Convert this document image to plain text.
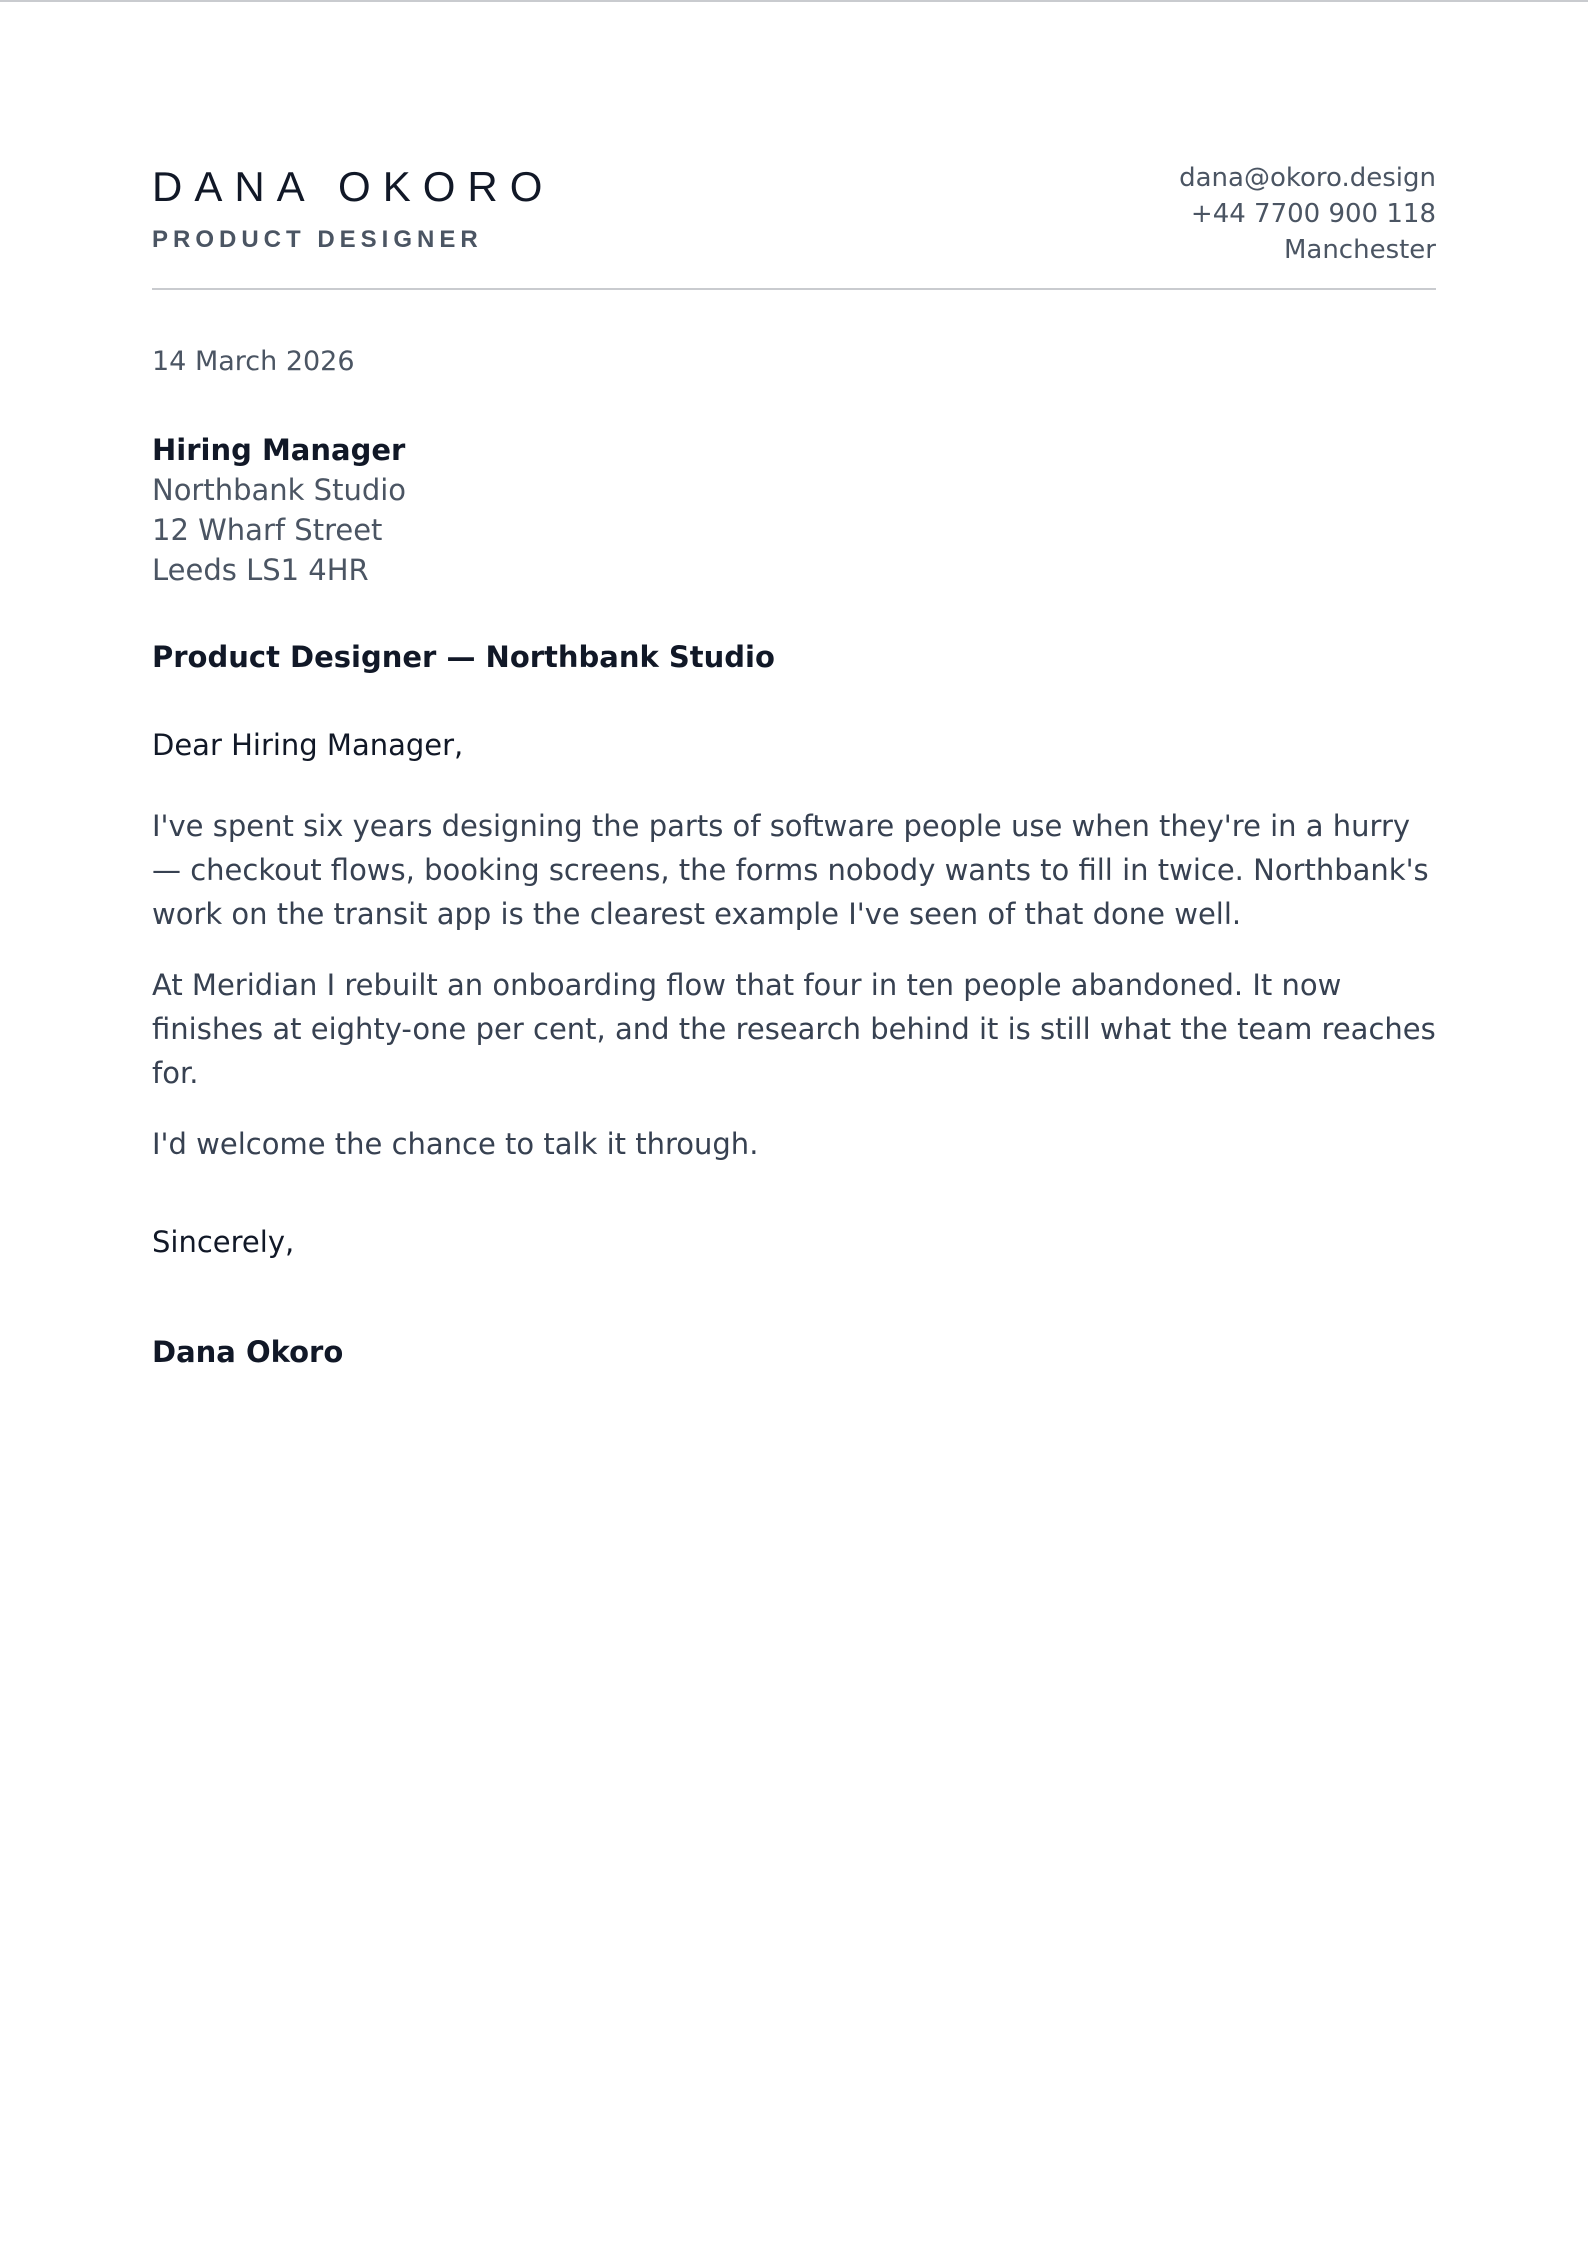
DANA OKORO
PRODUCT DESIGNER
dana@okoro.design
+44 7700 900 118
Manchester
14 March 2026
Hiring Manager
Northbank Studio
12 Wharf Street
Leeds LS1 4HR
Product Designer — Northbank Studio
Dear Hiring Manager,

I've spent six years designing the parts of software people use when they're in a hurry — checkout flows, booking screens, the forms nobody wants to fill in twice. Northbank's work on the transit app is the clearest example I've seen of that done well.

At Meridian I rebuilt an onboarding flow that four in ten people abandoned. It now finishes at eighty-one per cent, and the research behind it is still what the team reaches for.

I'd welcome the chance to talk it through.

Sincerely,
Dana Okoro
